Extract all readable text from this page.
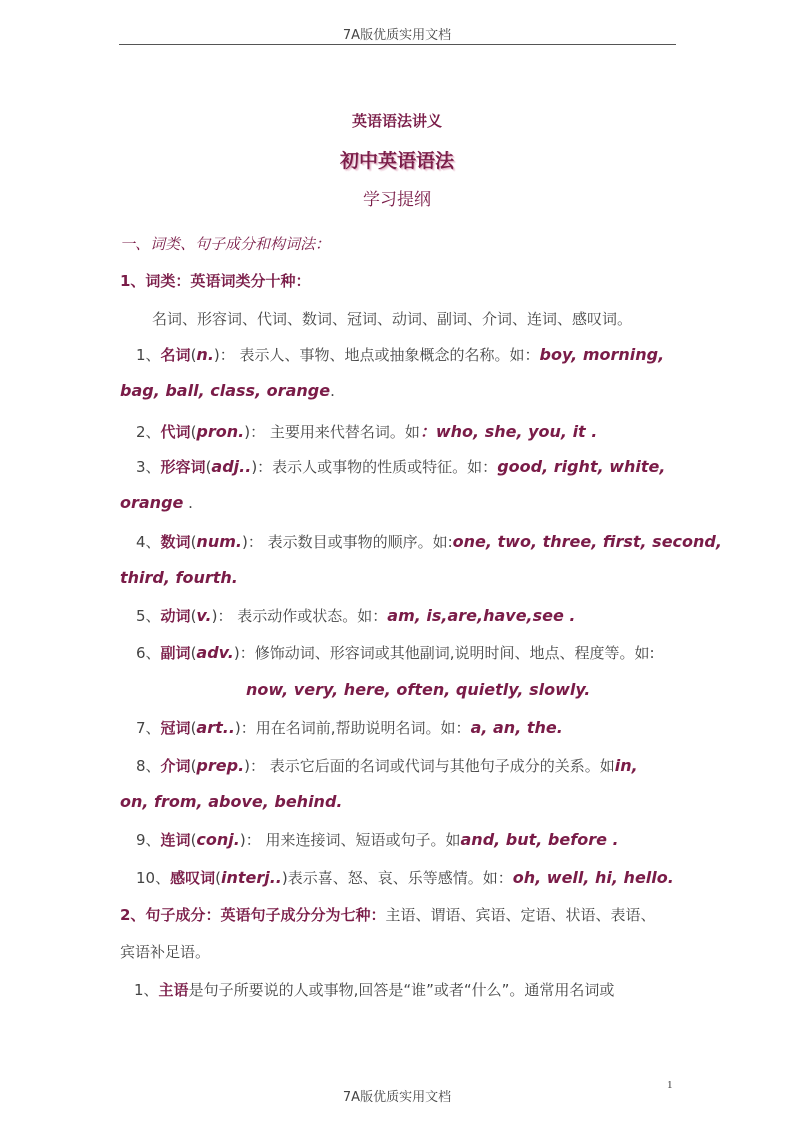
7A版优质实用文档
英语语法讲义
初中英语语法
学习提纲
一、词类、句子成分和构词法：
1、词类：英语词类分十种：
名词、形容词、代词、数词、冠词、动词、副词、介词、连词、感叹词。
1、名词(n.)： 表示人、事物、地点或抽象概念的名称。如：boy, morning,
bag, ball, class, orange.
2、代词(pron.)： 主要用来代替名词。如：who, she, you, it .
3、形容词(adj..)：表示人或事物的性质或特征。如：good, right, white,
orange .
4、数词(num.)： 表示数目或事物的顺序。如:one, two, three, first, second,
third, fourth.
5、动词(v.)： 表示动作或状态。如：am, is,are,have,see .
6、副词(adv.)：修饰动词、形容词或其他副词,说明时间、地点、程度等。如:
now, very, here, often, quietly, slowly.
7、冠词(art..)：用在名词前,帮助说明名词。如：a, an, the.
8、介词(prep.)： 表示它后面的名词或代词与其他句子成分的关系。如in,
on, from, above, behind.
9、连词(conj.)： 用来连接词、短语或句子。如and, but, before .
10、感叹词(interj..)表示喜、怒、哀、乐等感情。如：oh, well, hi, hello.
2、句子成分：英语句子成分分为七种：主语、谓语、宾语、定语、状语、表语、
宾语补足语。
1、主语是句子所要说的人或事物,回答是“谁”或者“什么”。通常用名词或
1
7A版优质实用文档
